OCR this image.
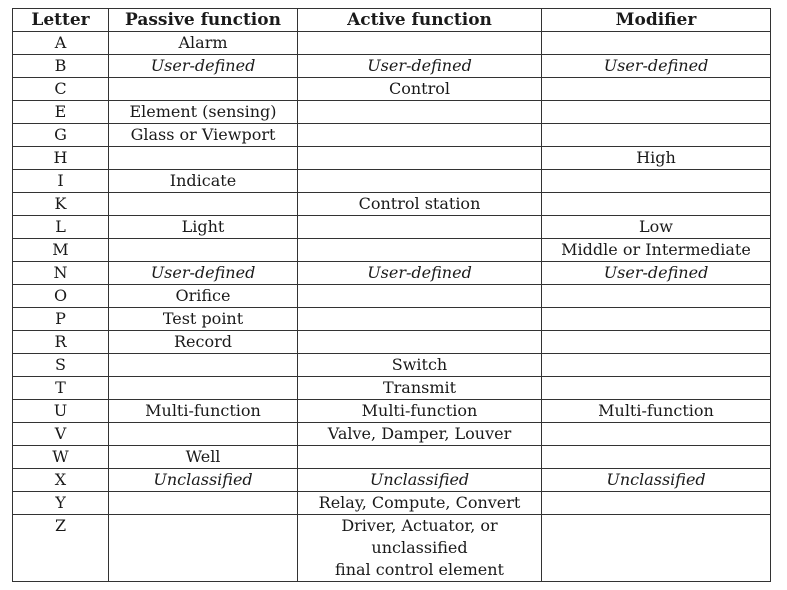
Letter	Passive function	Active function	Modifier
A	Alarm		
B	User-defined	User-defined	User-defined
C		Control	
E	Element (sensing)		
G	Glass or Viewport		
H			High
I	Indicate		
K		Control station	
L	Light		Low
M			Middle or Intermediate
N	User-defined	User-defined	User-defined
O	Orifice		
P	Test point		
R	Record		
S		Switch	
T		Transmit	
U	Multi-function	Multi-function	Multi-function
V		Valve, Damper, Louver	
W	Well		
X	Unclassified	Unclassified	Unclassified
Y		Relay, Compute, Convert	
Z		Driver, Actuator, or
unclassified
final control element	
